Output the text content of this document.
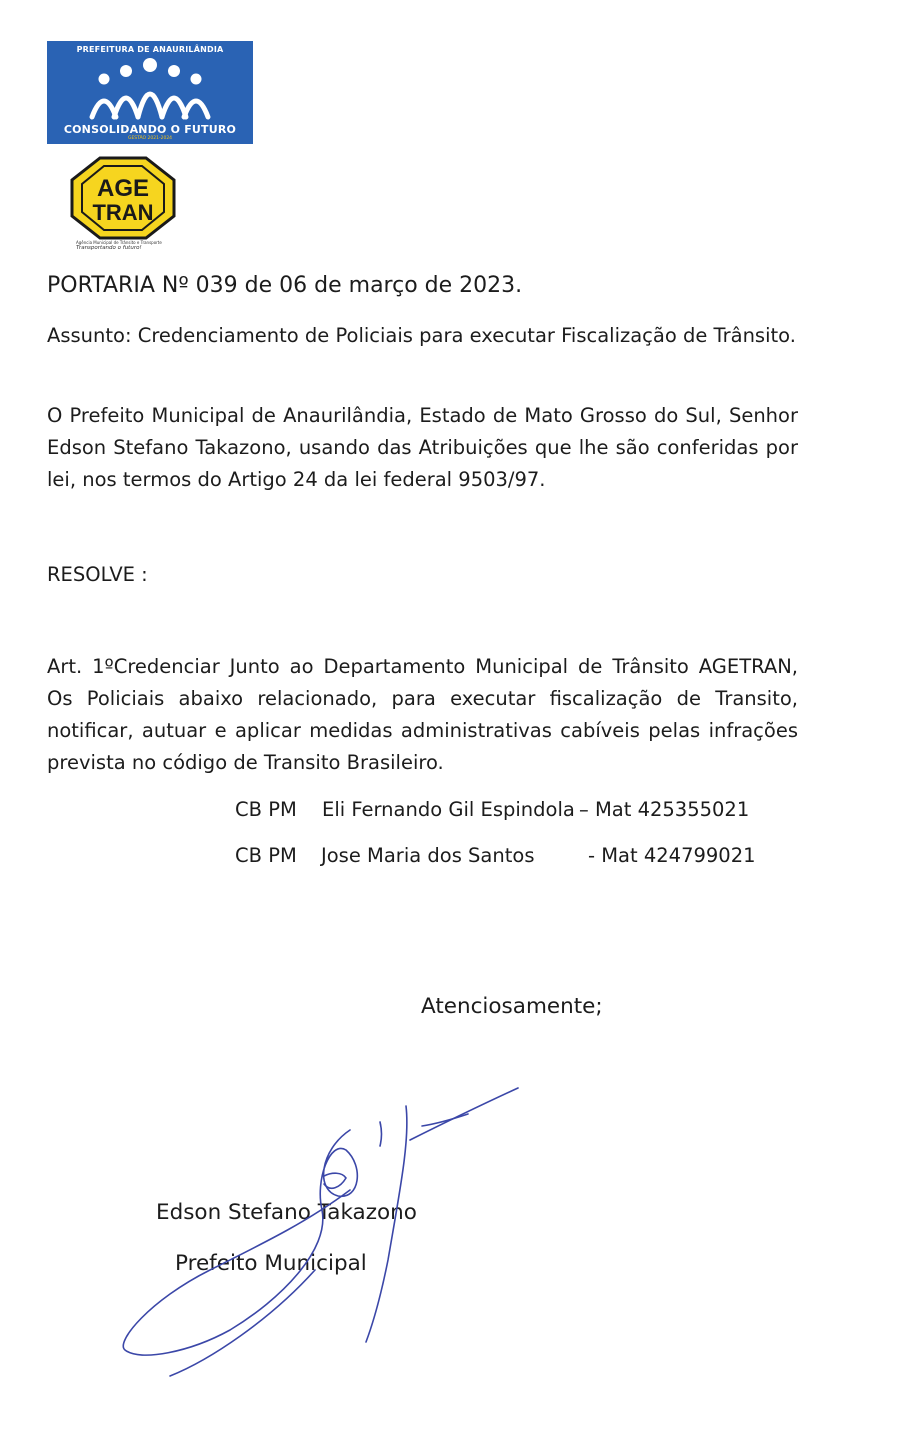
PREFEITURA DE ANAURILÂNDIA
CONSOLIDANDO O FUTURO
GESTÃO 2021-2024
AGE
TRAN
Agência Municipal de Trânsito e Transporte
Transportando o futuro!

PORTARIA Nº 039 de 06 de março de 2023.

Assunto: Credenciamento de Policiais para executar Fiscalização de Trânsito.

O Prefeito Municipal de Anaurilândia, Estado de Mato Grosso do Sul, Senhor Edson Stefano Takazono, usando das Atribuições que lhe são conferidas por lei, nos termos do Artigo 24 da lei federal 9503/97.

RESOLVE :

Art. 1ºCredenciar Junto ao Departamento Municipal de Trânsito AGETRAN, Os Policiais abaixo relacionado, para executar fiscalização de Transito, notificar, autuar e aplicar medidas administrativas cabíveis pelas infrações prevista no código de Transito Brasileiro.

CB PM Eli Fernando Gil Espindola – Mat 425355021
CB PM Jose Maria dos Santos	- Mat 424799021
Atenciosamente;
Edson Stefano Takazono
Prefeito Municipal
